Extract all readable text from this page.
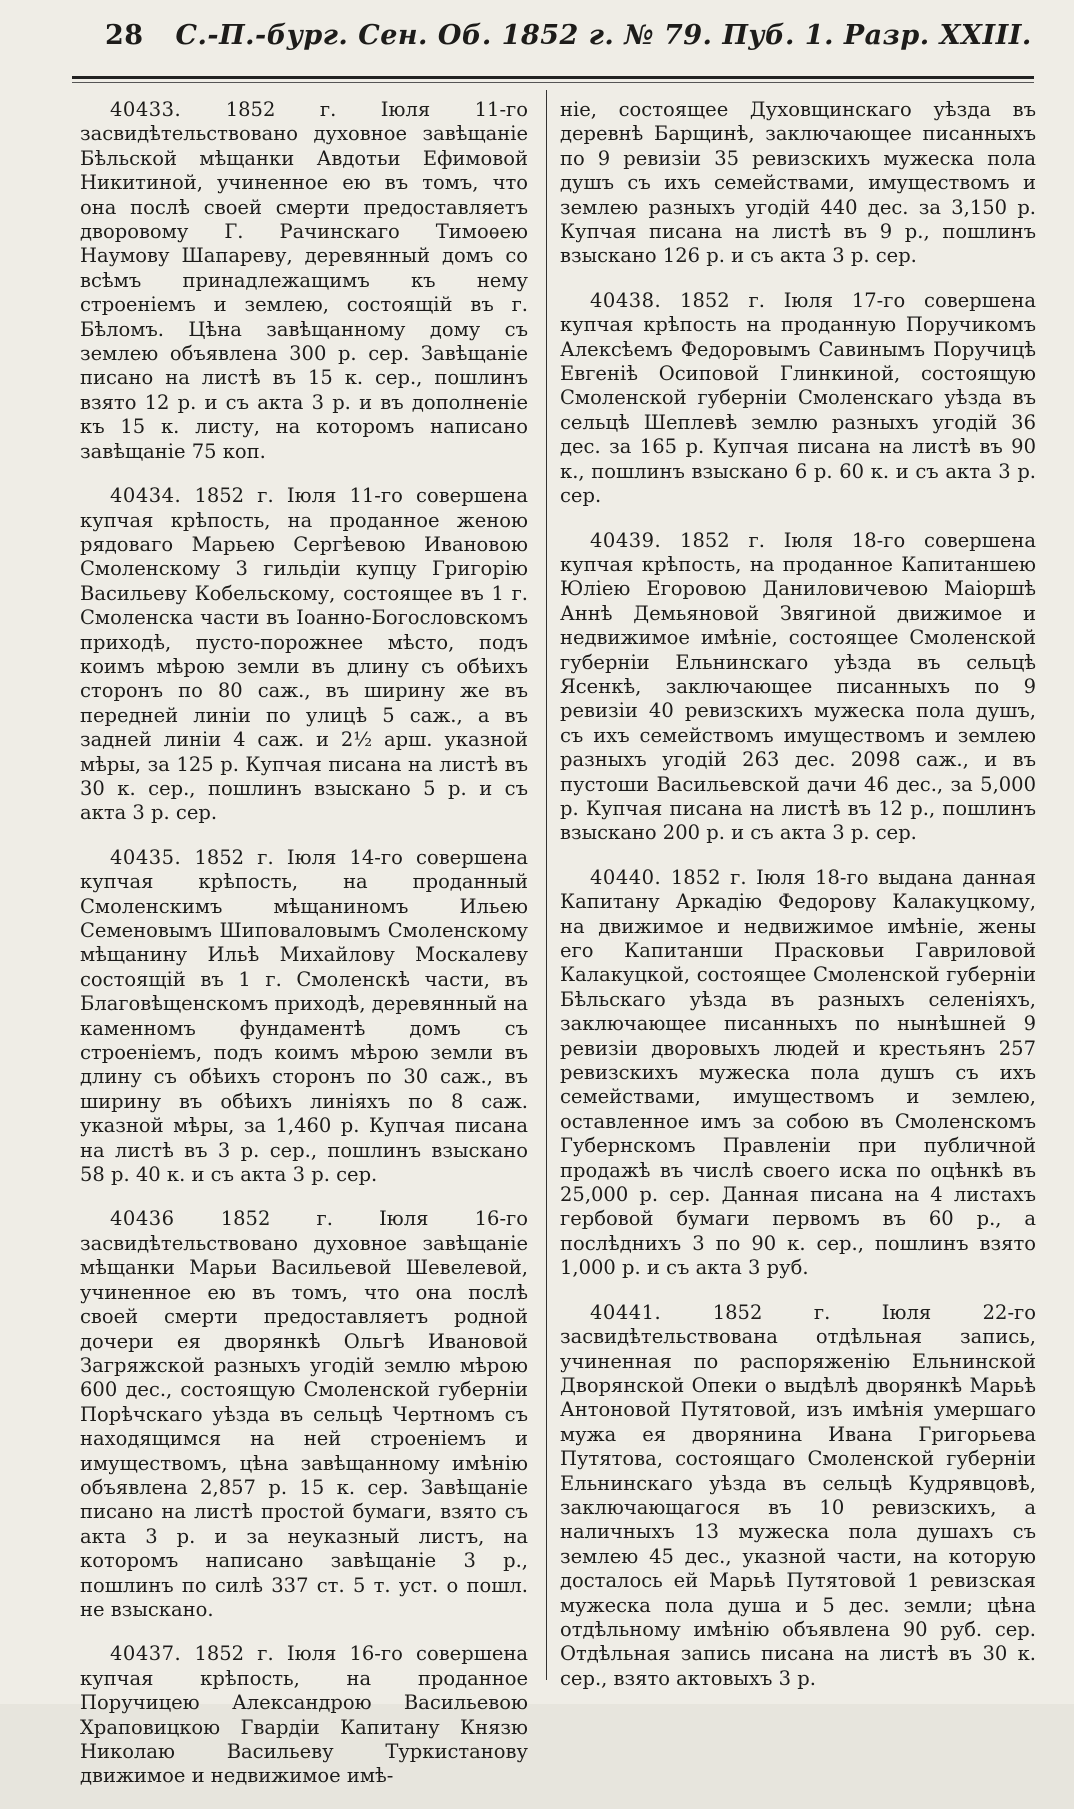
28 С.-П.-бург. Сен. Об. 1852 г. № 79. Пуб. 1. Разр. XXIII.

40433. 1852 г. Іюля 11-го засвидѣтельствовано духовное завѣщаніе Бѣльской мѣщанки Авдотьи Ефимовой Никитиной, учиненное ею въ томъ, что она послѣ своей смерти предоставляетъ дворовому Г. Рачинскаго Тимоѳею Наумову Шапареву, деревянный домъ со всѣмъ принадлежащимъ къ нему строеніемъ и землею, состоящій въ г. Бѣломъ. Цѣна завѣщанному дому съ землею объявлена 300 р. сер. Завѣщаніе писано на листѣ въ 15 к. сер., пошлинъ взято 12 р. и съ акта 3 р. и въ дополненіе къ 15 к. листу, на которомъ написано завѣщаніе 75 коп.

40434. 1852 г. Іюля 11-го совершена купчая крѣпость, на проданное женою рядоваго Марьею Сергѣевою Ивановою Смоленскому 3 гильдіи купцу Григорію Васильеву Кобельскому, состоящее въ 1 г. Смоленска части въ Іоанно-Богословскомъ приходѣ, пусто-порожнее мѣсто, подъ коимъ мѣрою земли въ длину съ обѣихъ сторонъ по 80 саж., въ ширину же въ передней линіи по улицѣ 5 саж., а въ задней линіи 4 саж. и 2½ арш. указной мѣры, за 125 р. Купчая писана на листѣ въ 30 к. сер., пошлинъ взыскано 5 р. и съ акта 3 р. сер.

40435. 1852 г. Іюля 14-го совершена купчая крѣпость, на проданный Смоленскимъ мѣщаниномъ Ильею Семеновымъ Шиповаловымъ Смоленскому мѣщанину Ильѣ Михайлову Москалеву состоящій въ 1 г. Смоленскѣ части, въ Благовѣщенскомъ приходѣ, деревянный на каменномъ фундаментѣ домъ съ строеніемъ, подъ коимъ мѣрою земли въ длину съ обѣихъ сторонъ по 30 саж., въ ширину въ обѣихъ линіяхъ по 8 саж. указной мѣры, за 1,460 р. Купчая писана на листѣ въ 3 р. сер., пошлинъ взыскано 58 р. 40 к. и съ акта 3 р. сер.

40436 1852 г. Іюля 16-го засвидѣтельствовано духовное завѣщаніе мѣщанки Марьи Васильевой Шевелевой, учиненное ею въ томъ, что она послѣ своей смерти предоставляетъ родной дочери ея дворянкѣ Ольгѣ Ивановой Загряжской разныхъ угодій землю мѣрою 600 дес., состоящую Смоленской губерніи Порѣчскаго уѣзда въ сельцѣ Чертномъ съ находящимся на ней строеніемъ и имуществомъ, цѣна завѣщанному имѣнію объявлена 2,857 р. 15 к. сер. Завѣщаніе писано на листѣ простой бумаги, взято съ акта 3 р. и за неуказный листъ, на которомъ написано завѣщаніе 3 р., пошлинъ по силѣ 337 ст. 5 т. уст. о пошл. не взыскано.

40437. 1852 г. Іюля 16-го совершена купчая крѣпость, на проданное Поручицею Александрою Васильевою Храповицкою Гвардіи Капитану Князю Николаю Васильеву Туркистанову движимое и недвижимое имѣ-

ніе, состоящее Духовщинскаго уѣзда въ деревнѣ Барщинѣ, заключающее писанныхъ по 9 ревизіи 35 ревизскихъ мужеска пола душъ съ ихъ семействами, имуществомъ и землею разныхъ угодій 440 дес. за 3,150 р. Купчая писана на листѣ въ 9 р., пошлинъ взыскано 126 р. и съ акта 3 р. сер.

40438. 1852 г. Іюля 17-го совершена купчая крѣпость на проданную Поручикомъ Алексѣемъ Федоровымъ Савинымъ Поручицѣ Евгеніѣ Осиповой Глинкиной, состоящую Смоленской губерніи Смоленскаго уѣзда въ сельцѣ Шеплевѣ землю разныхъ угодій 36 дес. за 165 р. Купчая писана на листѣ въ 90 к., пошлинъ взыскано 6 р. 60 к. и съ акта 3 р. сер.

40439. 1852 г. Іюля 18-го совершена купчая крѣпость, на проданное Капитаншею Юліею Егоровою Даниловичевою Маіоршѣ Аннѣ Демьяновой Звягиной движимое и недвижимое имѣніе, состоящее Смоленской губерніи Ельнинскаго уѣзда въ сельцѣ Ясенкѣ, заключающее писанныхъ по 9 ревизіи 40 ревизскихъ мужеска пола душъ, съ ихъ семействомъ имуществомъ и землею разныхъ угодій 263 дес. 2098 саж., и въ пустоши Васильевской дачи 46 дес., за 5,000 р. Купчая писана на листѣ въ 12 р., пошлинъ взыскано 200 р. и съ акта 3 р. сер.

40440. 1852 г. Іюля 18-го выдана данная Капитану Аркадію Федорову Калакуцкому, на движимое и недвижимое имѣніе, жены его Капитанши Прасковьи Гавриловой Калакуцкой, состоящее Смоленской губерніи Бѣльскаго уѣзда въ разныхъ селеніяхъ, заключающее писанныхъ по нынѣшней 9 ревизіи дворовыхъ людей и крестьянъ 257 ревизскихъ мужеска пола душъ съ ихъ семействами, имуществомъ и землею, оставленное имъ за собою въ Смоленскомъ Губернскомъ Правленіи при публичной продажѣ въ числѣ своего иска по оцѣнкѣ въ 25,000 р. сер. Данная писана на 4 листахъ гербовой бумаги первомъ въ 60 р., а послѣднихъ 3 по 90 к. сер., пошлинъ взято 1,000 р. и съ акта 3 руб.

40441.	1852 г. Іюля 22-го засвидѣтельствована отдѣльная запись, учиненная по распоряженію Ельнинской Дворянской Опеки о выдѣлѣ дворянкѣ Марьѣ Антоновой Путятовой, изъ имѣнія умершаго мужа ея дворянина Ивана Григорьева Путятова, состоящаго Смоленской губерніи Ельнинскаго уѣзда въ сельцѣ Кудрявцовѣ, заключающагося въ 10 ревизскихъ, а наличныхъ 13 мужеска пола душахъ съ землею 45 дес., указной части, на которую досталось ей Марьѣ Путятовой 1 ревизская мужеска пола душа и 5 дес. земли; цѣна отдѣльному имѣнію объявлена 90 руб. сер. Отдѣльная запись писана на листѣ въ 30 к. сер., взято актовыхъ 3 р.
